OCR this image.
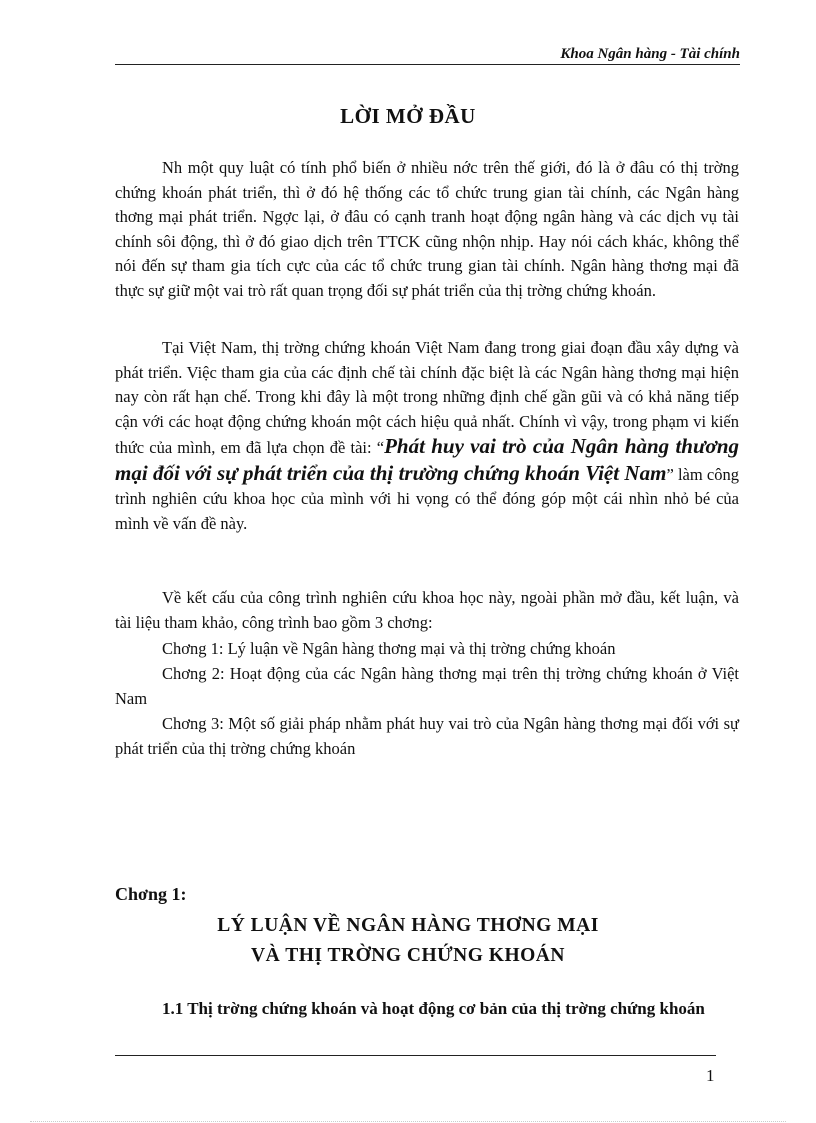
Khoa Ngân hàng - Tài chính
LỜI MỞ ĐẦU

Nh một quy luật có tính phổ biến ở nhiều nớc trên thế giới, đó là ở đâu có thị trờng chứng khoán phát triển, thì ở đó hệ thống các tổ chức trung gian tài chính, các Ngân hàng thơng mại phát triển. Ngợc lại, ở đâu có cạnh tranh hoạt động ngân hàng và các dịch vụ tài chính sôi động, thì ở đó giao dịch trên TTCK cũng nhộn nhịp. Hay nói cách khác, không thể nói đến sự tham gia tích cực của các tổ chức trung gian tài chính. Ngân hàng thơng mại đã thực sự giữ một vai trò rất quan trọng đối sự phát triển của thị trờng chứng khoán.

Tại Việt Nam, thị trờng chứng khoán Việt Nam đang trong giai đoạn đầu xây dựng và phát triển. Việc tham gia của các định chế tài chính đặc biệt là các Ngân hàng thơng mại hiện nay còn rất hạn chế. Trong khi đây là một trong những định chế gần gũi và có khả năng tiếp cận với các hoạt động chứng khoán một cách hiệu quả nhất. Chính vì vậy, trong phạm vi kiến thức của mình, em đã lựa chọn đề tài: “Phát huy vai trò của Ngân hàng thương mại đối với sự phát triển của thị trường chứng khoán Việt Nam” làm công trình nghiên cứu khoa học của mình với hi vọng có thể đóng góp một cái nhìn nhỏ bé của mình về vấn đề này.

Về kết cấu của công trình nghiên cứu khoa học này, ngoài phần mở đầu, kết luận, và tài liệu tham khảo, công trình bao gồm 3 chơng:

Chơng 1: Lý luận về Ngân hàng thơng mại và thị trờng chứng khoán

Chơng 2: Hoạt động của các Ngân hàng thơng mại trên thị trờng chứng khoán ở Việt Nam

Chơng 3: Một số giải pháp nhằm phát huy vai trò của Ngân hàng thơng mại đối với sự phát triển của thị trờng chứng khoán

Chơng 1:
LÝ LUẬN VỀ NGÂN HÀNG THƠNG MẠI
VÀ THỊ TRỜNG CHỨNG KHOÁN

1.1 Thị trờng chứng khoán và hoạt động cơ bản của thị trờng chứng khoán

1
